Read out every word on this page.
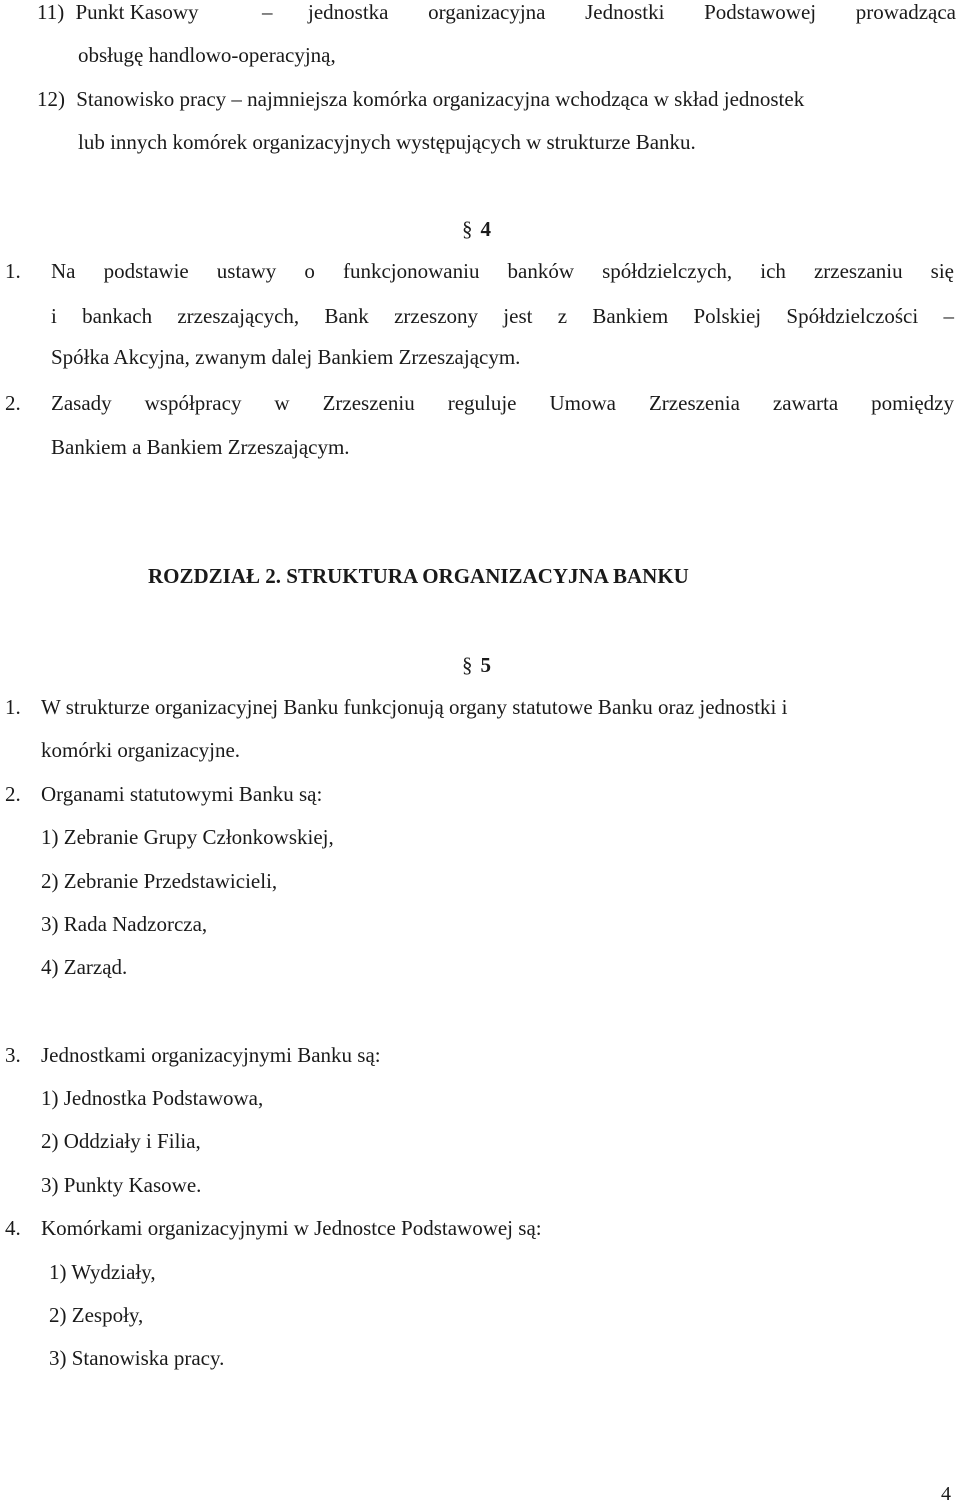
11) Punkt Kasowy	– jednostka organizacyjna Jednostki Podstawowej prowadząca
obsługę handlowo-operacyjną,
12) Stanowisko pracy – najmniejsza komórka organizacyjna wchodząca w skład jednostek
lub innych komórek organizacyjnych występujących w strukturze Banku.
§ 4
1. Na podstawie ustawy o funkcjonowaniu banków spółdzielczych, ich zrzeszaniu się
i bankach zrzeszających, Bank zrzeszony jest z Bankiem Polskiej Spółdzielczości –
Spółka Akcyjna, zwanym dalej Bankiem Zrzeszającym.
2. Zasady współpracy w Zrzeszeniu reguluje Umowa Zrzeszenia zawarta pomiędzy
Bankiem a Bankiem Zrzeszającym.
ROZDZIAŁ 2. STRUKTURA ORGANIZACYJNA BANKU
§ 5
1. W strukturze organizacyjnej Banku funkcjonują organy statutowe Banku oraz jednostki i
komórki organizacyjne.
2. Organami statutowymi Banku są:
1) Zebranie Grupy Członkowskiej,
2) Zebranie Przedstawicieli,
3) Rada Nadzorcza,
4) Zarząd.
3. Jednostkami organizacyjnymi Banku są:
1) Jednostka Podstawowa,
2) Oddziały i Filia,
3) Punkty Kasowe.
4. Komórkami organizacyjnymi w Jednostce Podstawowej są:
1) Wydziały,
2) Zespoły,
3) Stanowiska pracy.
4
